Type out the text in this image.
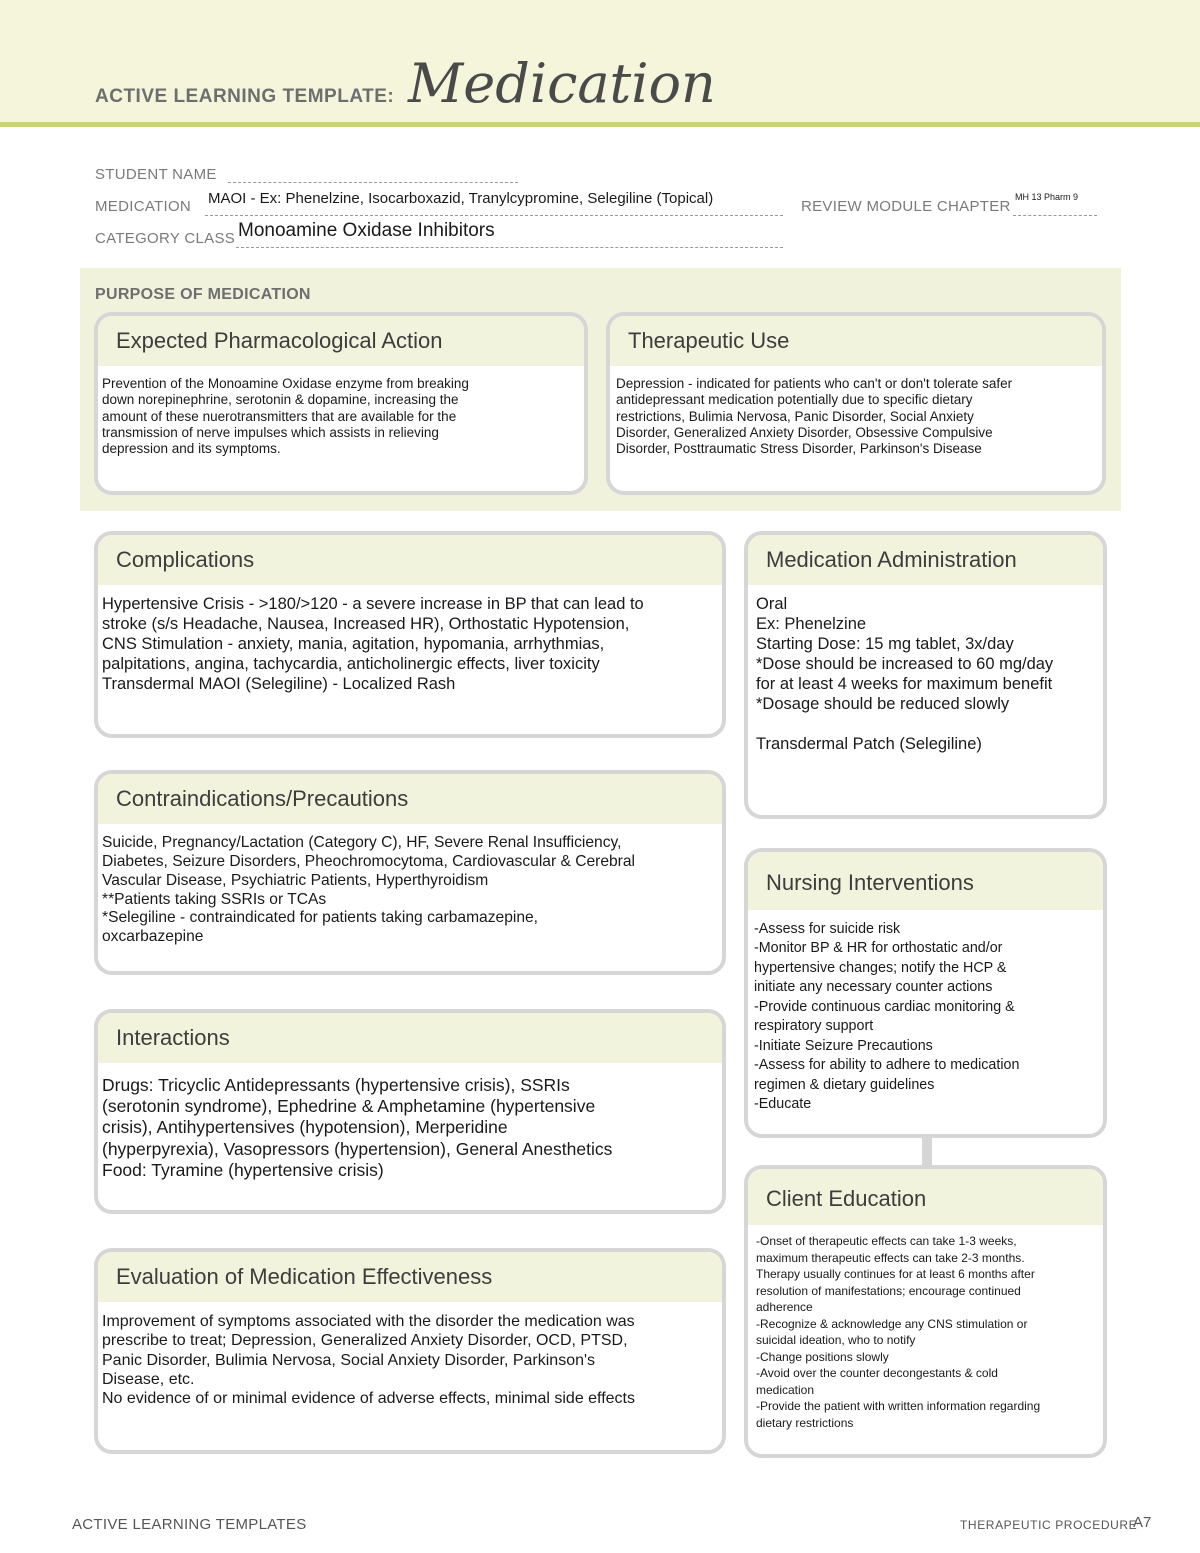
ACTIVE LEARNING TEMPLATE: Medication
STUDENT NAME
MEDICATION MAOI - Ex: Phenelzine, Isocarboxazid, Tranylcypromine, Selegiline (Topical)	REVIEW MODULE CHAPTER
MH 13 Pharm 9
CATEGORY CLASS Monoamine Oxidase Inhibitors
PURPOSE OF MEDICATION
Expected Pharmacological Action
Prevention of the Monoamine Oxidase enzyme from breaking
down norepinephrine, serotonin & dopamine, increasing the
amount of these nuerotransmitters that are available for the
transmission of nerve impulses which assists in relieving
depression and its symptoms.
Therapeutic Use
Depression - indicated for patients who can't or don't tolerate safer
antidepressant medication potentially due to specific dietary
restrictions, Bulimia Nervosa, Panic Disorder, Social Anxiety
Disorder, Generalized Anxiety Disorder, Obsessive Compulsive
Disorder, Posttraumatic Stress Disorder, Parkinson's Disease
Complications
Hypertensive Crisis - >180/>120 - a severe increase in BP that can lead to
stroke (s/s Headache, Nausea, Increased HR), Orthostatic Hypotension,
CNS Stimulation - anxiety, mania, agitation, hypomania, arrhythmias,
palpitations, angina, tachycardia, anticholinergic effects, liver toxicity
Transdermal MAOI (Selegiline) - Localized Rash
Contraindications/Precautions
Suicide, Pregnancy/Lactation (Category C), HF, Severe Renal Insufficiency,
Diabetes, Seizure Disorders, Pheochromocytoma, Cardiovascular & Cerebral
Vascular Disease, Psychiatric Patients, Hyperthyroidism
**Patients taking SSRIs or TCAs
*Selegiline - contraindicated for patients taking carbamazepine,
oxcarbazepine
Interactions
Drugs: Tricyclic Antidepressants (hypertensive crisis), SSRIs
(serotonin syndrome), Ephedrine & Amphetamine (hypertensive
crisis), Antihypertensives (hypotension), Merperidine
(hyperpyrexia), Vasopressors (hypertension), General Anesthetics
Food: Tyramine (hypertensive crisis)
Evaluation of Medication Effectiveness
Improvement of symptoms associated with the disorder the medication was
prescribe to treat; Depression, Generalized Anxiety Disorder, OCD, PTSD,
Panic Disorder, Bulimia Nervosa, Social Anxiety Disorder, Parkinson's
Disease, etc.
No evidence of or minimal evidence of adverse effects, minimal side effects
Medication Administration
Oral
Ex: Phenelzine
Starting Dose: 15 mg tablet, 3x/day
*Dose should be increased to 60 mg/day
for at least 4 weeks for maximum benefit
*Dosage should be reduced slowly
Transdermal Patch (Selegiline)
Nursing Interventions
-Assess for suicide risk
-Monitor BP & HR for orthostatic and/or
hypertensive changes; notify the HCP &
initiate any necessary counter actions
-Provide continuous cardiac monitoring &
respiratory support
-Initiate Seizure Precautions
-Assess for ability to adhere to medication
regimen & dietary guidelines
-Educate
Client Education
-Onset of therapeutic effects can take 1-3 weeks,
maximum therapeutic effects can take 2-3 months.
Therapy usually continues for at least 6 months after
resolution of manifestations; encourage continued
adherence
-Recognize & acknowledge any CNS stimulation or
suicidal ideation, who to notify
-Change positions slowly
-Avoid over the counter decongestants & cold
medication
-Provide the patient with written information regarding
dietary restrictions
ACTIVE LEARNING TEMPLATES	THERAPEUTIC PROCEDURE
A7
